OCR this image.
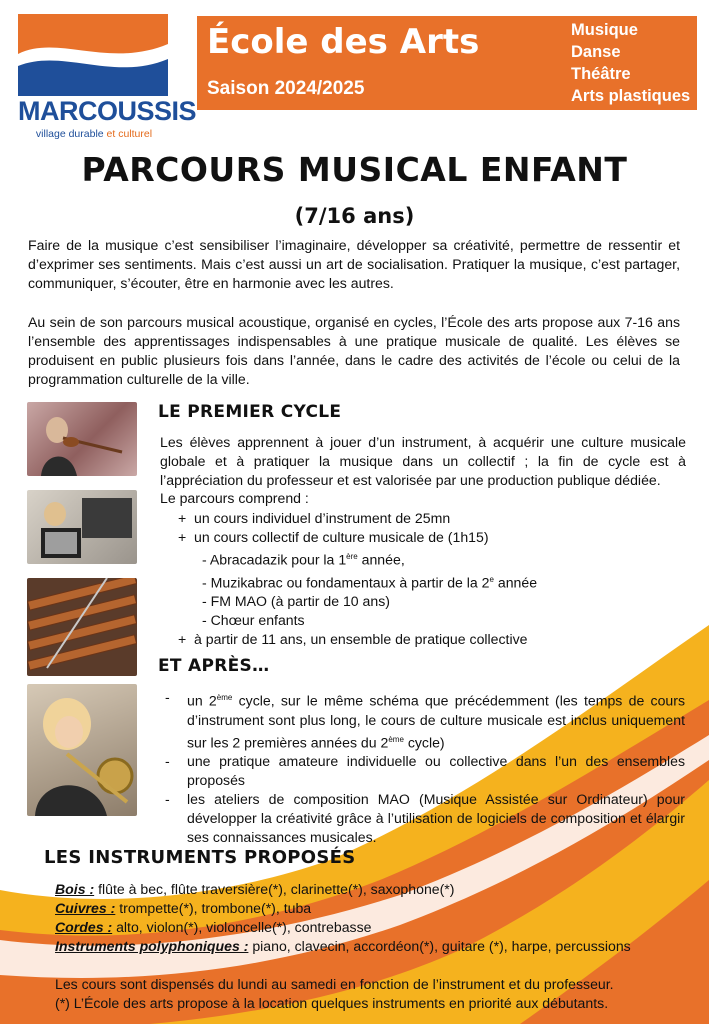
MARCOUSSIS
village durable et culturel
École des Arts
Saison 2024/2025
Musique
Danse
Théâtre
Arts plastiques
PARCOURS MUSICAL ENFANT
(7/16 ans)
Faire de la musique c’est sensibiliser l’imaginaire, développer sa créativité, permettre de ressentir et d’exprimer ses sentiments. Mais c’est aussi un art de socialisation. Pratiquer la musique, c’est partager, communiquer, s’écouter, être en harmonie avec les autres.
Au sein de son parcours musical acoustique, organisé en cycles, l’École des arts propose aux 7-16 ans l’ensemble des apprentissages indispensables à une pratique musicale de qualité. Les élèves se produisent en public plusieurs fois dans l’année, dans le cadre des activités de l’école ou celui de la programmation culturelle de la ville.
LE PREMIER CYCLE
Les élèves apprennent à jouer d’un instrument, à acquérir une culture musicale globale et à pratiquer la musique dans un collectif ; la fin de cycle est à l’appréciation du professeur et est valorisée par une production publique dédiée.
Le parcours comprend :
+ un cours individuel d’instrument de 25mn
+ un cours collectif de culture musicale de (1h15)
- Abracadazik pour la 1ère année,
- Muzikabrac ou fondamentaux à partir de la 2e année
- FM MAO (à partir de 10 ans)
- Chœur enfants
+ à partir de 11 ans, un ensemble de pratique collective
ET APRÈS…
- un 2ème cycle, sur le même schéma que précédemment (les temps de cours d’instrument sont plus long, le cours de culture musicale est inclus uniquement sur les 2 premières années du 2ème cycle)
- une pratique amateure individuelle ou collective dans l’un des ensembles proposés
- les ateliers de composition MAO (Musique Assistée sur Ordinateur) pour développer la créativité grâce à l’utilisation de logiciels de composition et élargir ses connaissances musicales.
LES INSTRUMENTS PROPOSÉS
Bois : flûte à bec, flûte traversière(*), clarinette(*), saxophone(*)
Cuivres : trompette(*), trombone(*), tuba
Cordes : alto, violon(*), violoncelle(*), contrebasse
Instruments polyphoniques : piano, clavecin, accordéon(*), guitare (*), harpe, percussions
Les cours sont dispensés du lundi au samedi en fonction de l’instrument et du professeur.
(*) L’École des arts propose à la location quelques instruments en priorité aux débutants.
